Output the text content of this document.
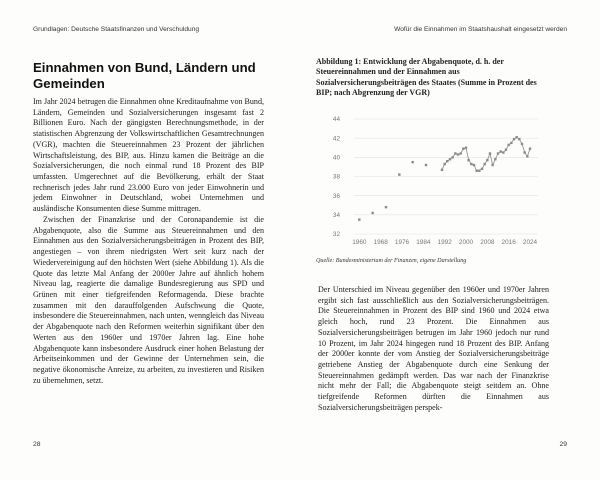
Grundlagen: Deutsche Staatsfinanzen und Verschuldung
Einnahmen von Bund, Ländern und Gemeinden

Im Jahr 2024 betrugen die Einnahmen ohne Kreditaufnahme von Bund, Ländern, Gemeinden und Sozialversicherungen insgesamt fast 2 Billionen Euro. Nach der gängigsten Berechnungsmethode, in der statistischen Abgrenzung der Volkswirtschaftlichen Gesamtrechnungen (VGR), machten die Steuereinnahmen 23 Prozent der jährlichen Wirtschaftsleistung, des BIP, aus. Hinzu kamen die Beiträge an die Sozialversicherungen, die noch einmal rund 18 Prozent des BIP umfassten. Umgerechnet auf die Bevölkerung, erhält der Staat rechnerisch jedes Jahr rund 23.000 Euro von jeder Einwohnerin und jedem Einwohner in Deutschland, wobei Unternehmen und ausländische Konsumenten diese Summe mittragen.

Zwischen der Finanzkrise und der Coronapandemie ist die Abgabenquote, also die Summe aus Steuereinnahmen und den Einnahmen aus den Sozialversicherungsbeiträgen in Prozent des BIP, angestiegen – von ihrem niedrigsten Wert seit kurz nach der Wiedervereinigung auf den höchsten Wert (siehe Abbildung 1). Als die Quote das letzte Mal Anfang der 2000er Jahre auf ähnlich hohem Niveau lag, reagierte die damalige Bundesregierung aus SPD und Grünen mit einer tiefgreifenden Reformagenda. Diese brachte zusammen mit den darauffolgenden Aufschwung die Quote, insbesondere die Steuereinnahmen, nach unten, wenngleich das Niveau der Abgabenquote nach den Reformen weiterhin signifikant über den Werten aus den 1960er und 1970er Jahren lag. Eine hohe Abgabenquote kann insbesondere Ausdruck einer hohen Belastung der Arbeitseinkommen und der Gewinne der Unternehmen sein, die negative ökonomische Anreize, zu arbeiten, zu investieren und Risiken zu übernehmen, setzt.

28
Wofür die Einnahmen im Staatshaushalt eingesetzt werden
Abbildung 1: Entwicklung der Abgabenquote, d. h. der Steuereinnahmen und der Einnahmen aus Sozialversicherungsbeiträgen des Staates (Summe in Prozent des BIP; nach Abgrenzung der VGR)
32
34
36
38
40
42
44
1960 1968 1976 1984 1992 2000 2008 2016 2024
Quelle: Bundesministerium der Finanzen, eigene Darstellung
29

Der Unterschied im Niveau gegenüber den 1960er und 1970er Jahren ergibt sich fast ausschließlich aus den Sozialversicherungsbeiträgen. Die Steuereinnahmen in Prozent des BIP sind 1960 und 2024 etwa gleich hoch, rund 23 Prozent. Die Einnahmen aus Sozialversicherungsbeiträgen betrugen im Jahr 1960 jedoch nur rund 10 Prozent, im Jahr 2024 hingegen rund 18 Prozent des BIP. Anfang der 2000er konnte der vom Anstieg der Sozialversicherungsbeiträge getriebene Anstieg der Abgabenquote durch eine Senkung der Steuereinnahmen gedämpft werden. Das war nach der Finanzkrise nicht mehr der Fall; die Abgabenquote steigt seitdem an. Ohne tiefgreifende Reformen dürften die Einnahmen aus Sozialversicherungsbeiträgen perspek-
